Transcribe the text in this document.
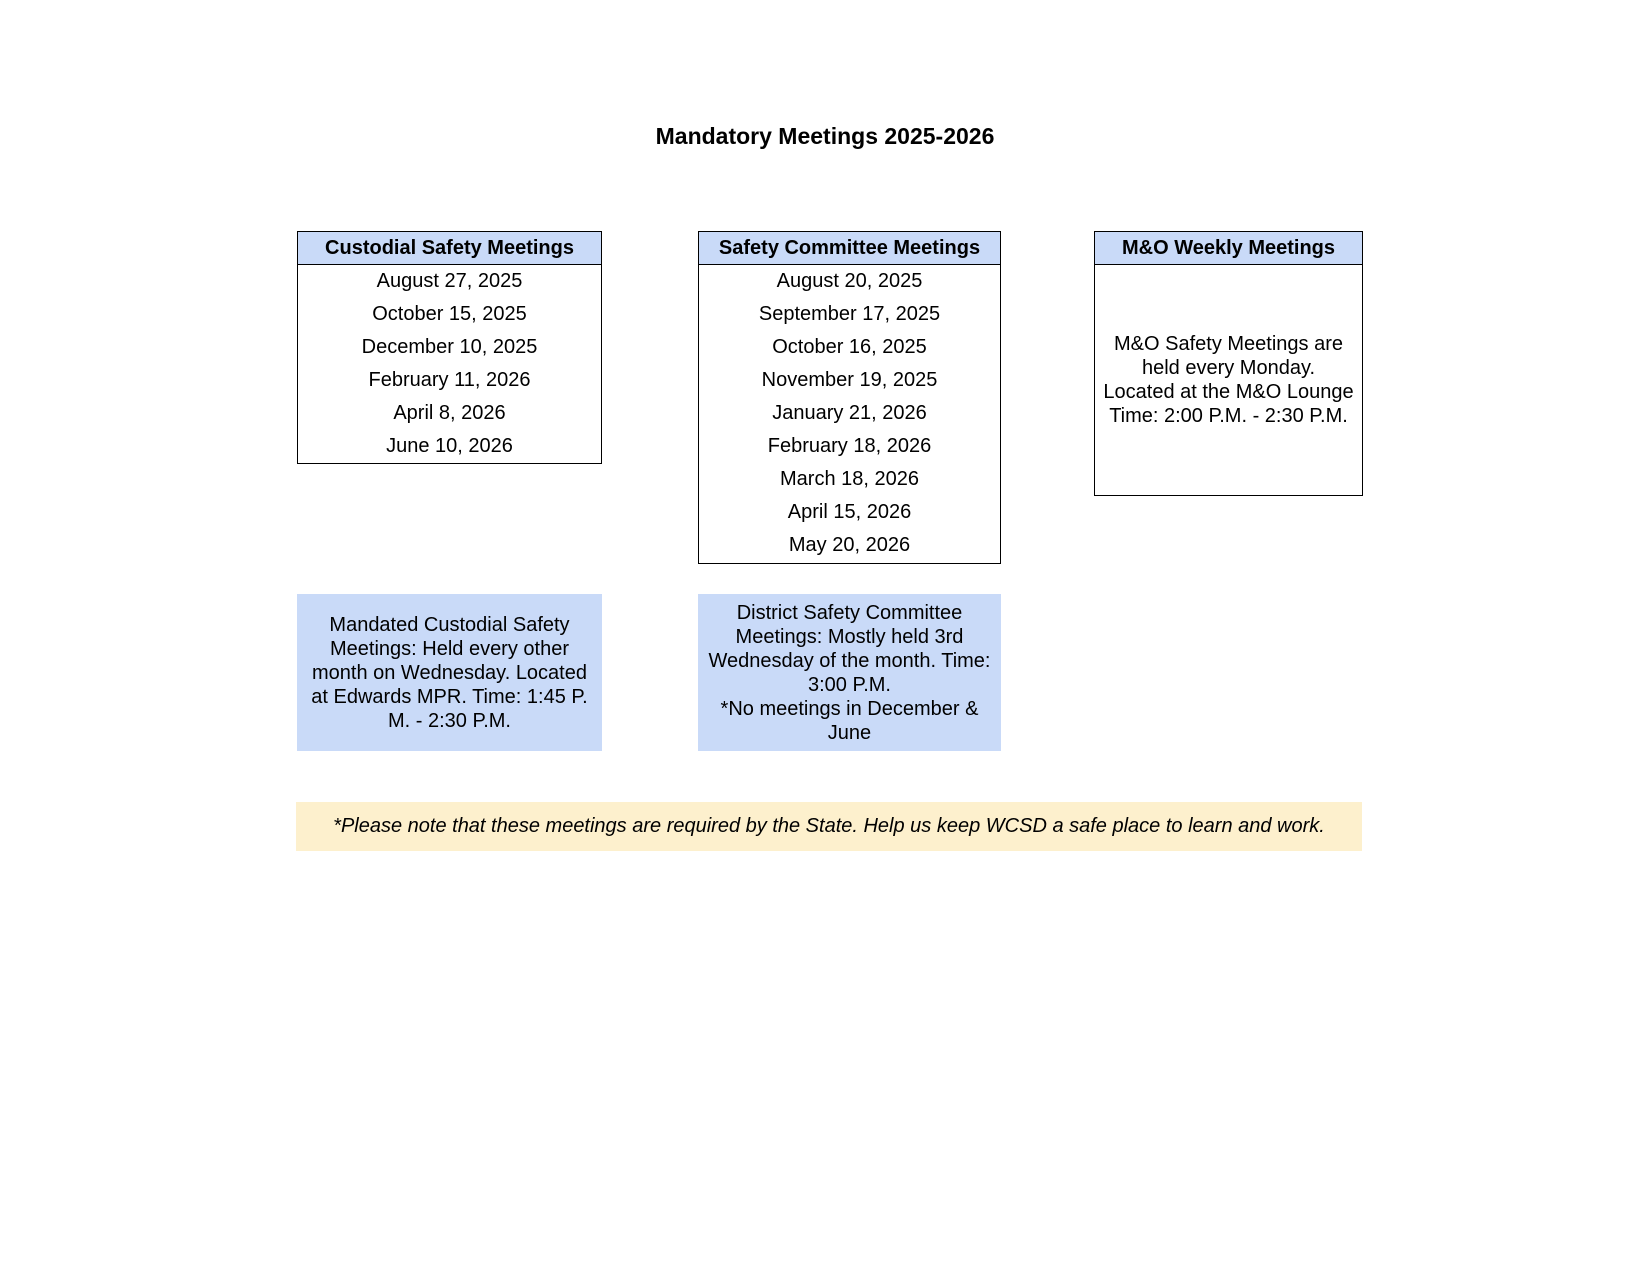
Mandatory Meetings 2025-2026
Custodial Safety Meetings
August 27, 2025
October 15, 2025
December 10, 2025
February 11, 2026
April 8, 2026
June 10, 2026
Safety Committee Meetings
August 20, 2025
September 17, 2025
October 16, 2025
November 19, 2025
January 21, 2026
February 18, 2026
March 18, 2026
April 15, 2026
May 20, 2026
M&O Weekly Meetings
M&O Safety Meetings are
held every Monday.
Located at the M&O Lounge
Time: 2:00 P.M. - 2:30 P.M.
Mandated Custodial Safety
Meetings: Held every other
month on Wednesday. Located
at Edwards MPR. Time: 1:45 P.
M. - 2:30 P.M.
District Safety Committee
Meetings: Mostly held 3rd
Wednesday of the month. Time:
3:00 P.M.
*No meetings in December &
June
*Please note that these meetings are required by the State. Help us keep WCSD a safe place to learn and work.
